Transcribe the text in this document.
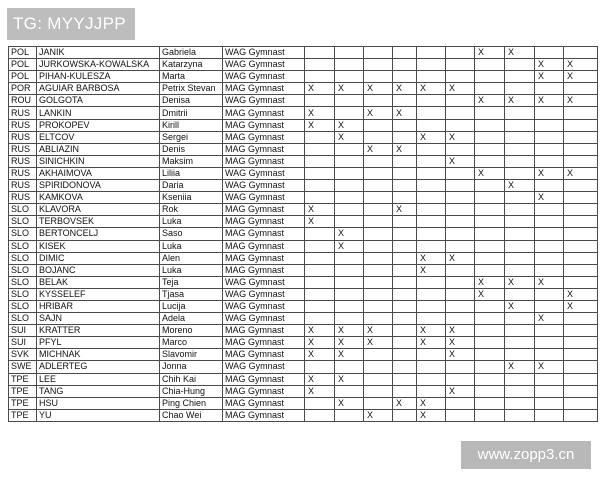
TG: MYYJJPP
POL	JANIK	Gabriela	WAG Gymnast							X	X		
POL	JURKOWSKA-KOWALSKA	Katarzyna	WAG Gymnast									X	X
POL	PIHAN-KULESZA	Marta	WAG Gymnast									X	X
POR	AGUIAR BARBOSA	Petrix Stevan	MAG Gymnast	X	X	X	X	X	X				
ROU	GOLGOTA	Denisa	WAG Gymnast							X	X	X	X
RUS	LANKIN	Dmitrii	MAG Gymnast	X		X	X						
RUS	PROKOPEV	Kirill	MAG Gymnast	X	X								
RUS	ELTCOV	Sergei	MAG Gymnast		X			X	X				
RUS	ABLIAZIN	Denis	MAG Gymnast			X	X						
RUS	SINICHKIN	Maksim	MAG Gymnast						X				
RUS	AKHAIMOVA	Liliia	WAG Gymnast							X		X	X
RUS	SPIRIDONOVA	Daria	WAG Gymnast								X		
RUS	KAMKOVA	Kseniia	WAG Gymnast									X	
SLO	KLAVORA	Rok	MAG Gymnast	X			X						
SLO	TERBOVSEK	Luka	MAG Gymnast	X									
SLO	BERTONCELJ	Saso	MAG Gymnast		X								
SLO	KISEK	Luka	MAG Gymnast		X								
SLO	DIMIC	Alen	MAG Gymnast					X	X				
SLO	BOJANC	Luka	MAG Gymnast					X					
SLO	BELAK	Teja	WAG Gymnast							X	X	X	
SLO	KYSSELEF	Tjasa	WAG Gymnast							X			X
SLO	HRIBAR	Lucija	WAG Gymnast								X		X
SLO	SAJN	Adela	WAG Gymnast									X	
SUI	KRATTER	Moreno	MAG Gymnast	X	X	X		X	X				
SUI	PFYL	Marco	MAG Gymnast	X	X	X		X	X				
SVK	MICHNAK	Slavomir	MAG Gymnast	X	X				X				
SWE	ADLERTEG	Jonna	WAG Gymnast								X	X	
TPE	LEE	Chih Kai	MAG Gymnast	X	X								
TPE	TANG	Chia-Hung	MAG Gymnast	X					X				
TPE	HSU	Ping Chien	MAG Gymnast		X		X	X					
TPE	YU	Chao Wei	MAG Gymnast			X		X					
www.zopp3.cn
